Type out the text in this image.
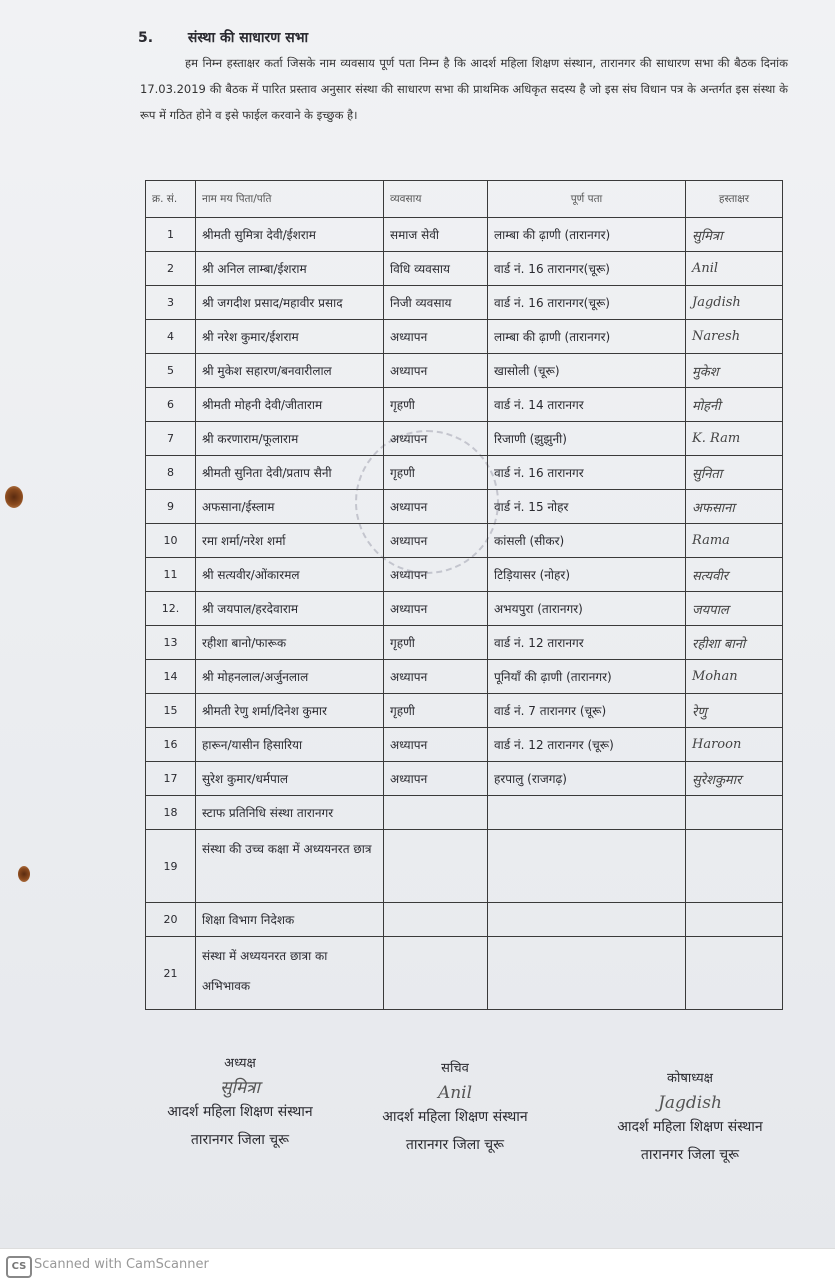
5. संस्था की साधारण सभा
हम निम्न हस्ताक्षर कर्ता जिसके नाम व्यवसाय पूर्ण पता निम्न है कि आदर्श महिला शिक्षण संस्थान, तारानगर की साधारण सभा की बैठक दिनांक 17.03.2019 की बैठक में पारित प्रस्ताव अनुसार संस्था की साधारण सभा की प्राथमिक अधिकृत सदस्य है जो इस संघ विधान पत्र के अन्तर्गत इस संस्था के रूप में गठित होने व इसे फाईल करवाने के इच्छुक है।
क्र. सं.	नाम मय पिता/पति	व्यवसाय	पूर्ण पता	हस्ताक्षर
1	श्रीमती सुमित्रा देवी/ईशराम	समाज सेवी	लाम्बा की ढ़ाणी (तारानगर)	सुमित्रा
2	श्री अनिल लाम्बा/ईशराम	विधि व्यवसाय	वार्ड नं. 16 तारानगर(चूरू)	Anil
3	श्री जगदीश प्रसाद/महावीर प्रसाद	निजी व्यवसाय	वार्ड नं. 16 तारानगर(चूरू)	Jagdish
4	श्री नरेश कुमार/ईशराम	अध्यापन	लाम्बा की ढ़ाणी (तारानगर)	Naresh
5	श्री मुकेश सहारण/बनवारीलाल	अध्यापन	खासोली (चूरू)	मुकेश
6	श्रीमती मोहनी देवी/जीताराम	गृहणी	वार्ड नं. 14 तारानगर	मोहनी
7	श्री करणाराम/फूलाराम	अध्यापन	रिजाणी (झुझुनी)	K. Ram
8	श्रीमती सुनिता देवी/प्रताप सैनी	गृहणी	वार्ड नं. 16 तारानगर	सुनिता
9	अफसाना/ईस्लाम	अध्यापन	वार्ड नं. 15 नोहर	अफसाना
10	रमा शर्मा/नरेश शर्मा	अध्यापन	कांसली (सीकर)	Rama
11	श्री सत्यवीर/ओंकारमल	अध्यापन	टिड़ियासर (नोहर)	सत्यवीर
12.	श्री जयपाल/हरदेवाराम	अध्यापन	अभयपुरा (तारानगर)	जयपाल
13	रहीशा बानो/फारूक	गृहणी	वार्ड नं. 12 तारानगर	रहीशा बानो
14	श्री मोहनलाल/अर्जुनलाल	अध्यापन	पूनियाँ की ढ़ाणी (तारानगर)	Mohan
15	श्रीमती रेणु शर्मा/दिनेश कुमार	गृहणी	वार्ड नं. 7 तारानगर (चूरू)	रेणु
16	हारून/यासीन हिसारिया	अध्यापन	वार्ड नं. 12 तारानगर (चूरू)	Haroon
17	सुरेश कुमार/धर्मपाल	अध्यापन	हरपालु (राजगढ़)	सुरेशकुमार
18	स्टाफ प्रतिनिधि संस्था तारानगर			
19	संस्था की उच्च कक्षा में अध्ययनरत छात्र			
20	शिक्षा विभाग निदेशक			
21	संस्था में अध्ययनरत छात्रा का अभिभावक			
अध्यक्ष
सुमित्रा
आदर्श महिला शिक्षण संस्थान
तारानगर जिला चूरू
सचिव
Anil
आदर्श महिला शिक्षण संस्थान
तारानगर जिला चूरू
कोषाध्यक्ष
Jagdish
आदर्श महिला शिक्षण संस्थान
तारानगर जिला चूरू
CS Scanned with CamScanner
